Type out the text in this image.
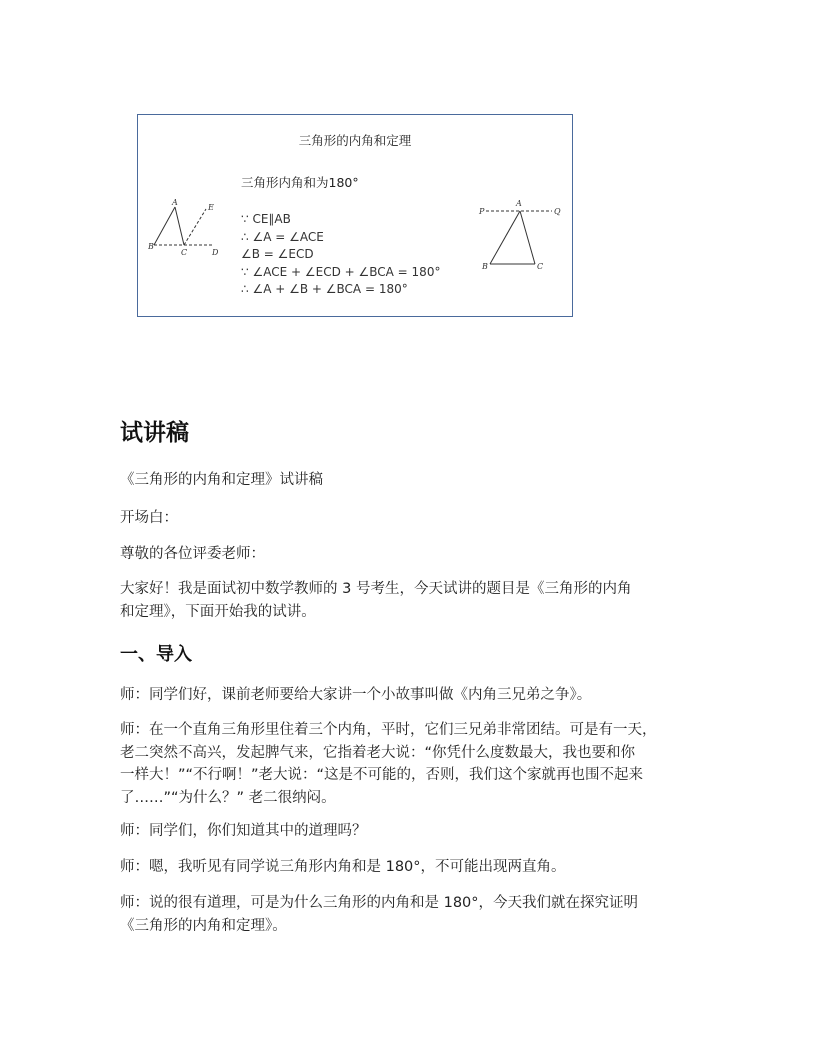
三角形的内角和定理
A
B
C	D
E
三角形内角和为180°
∵ CE∥AB
∴ ∠A = ∠ACE
∠B = ∠ECD
∵ ∠ACE + ∠ECD + ∠BCA = 180°
∴ ∠A + ∠B + ∠BCA = 180°
P
A
Q
B	C
试讲稿
《三角形的内角和定理》试讲稿
开场白：
尊敬的各位评委老师：
大家好！我是面试初中数学教师的 3 号考生，今天试讲的题目是《三角形的内角
和定理》，下面开始我的试讲。
一、导入
师：同学们好，课前老师要给大家讲一个小故事叫做《内角三兄弟之争》。
师：在一个直角三角形里住着三个内角，平时，它们三兄弟非常团结。可是有一天，
老二突然不高兴，发起脾气来，它指着老大说：“你凭什么度数最大，我也要和你
一样大！”“不行啊！”老大说：“这是不可能的，否则，我们这个家就再也围不起来
了……”“为什么？” 老二很纳闷。
师：同学们，你们知道其中的道理吗？
师：嗯，我听见有同学说三角形内角和是 180°，不可能出现两直角。
师：说的很有道理，可是为什么三角形的内角和是 180°，今天我们就在探究证明
《三角形的内角和定理》。
